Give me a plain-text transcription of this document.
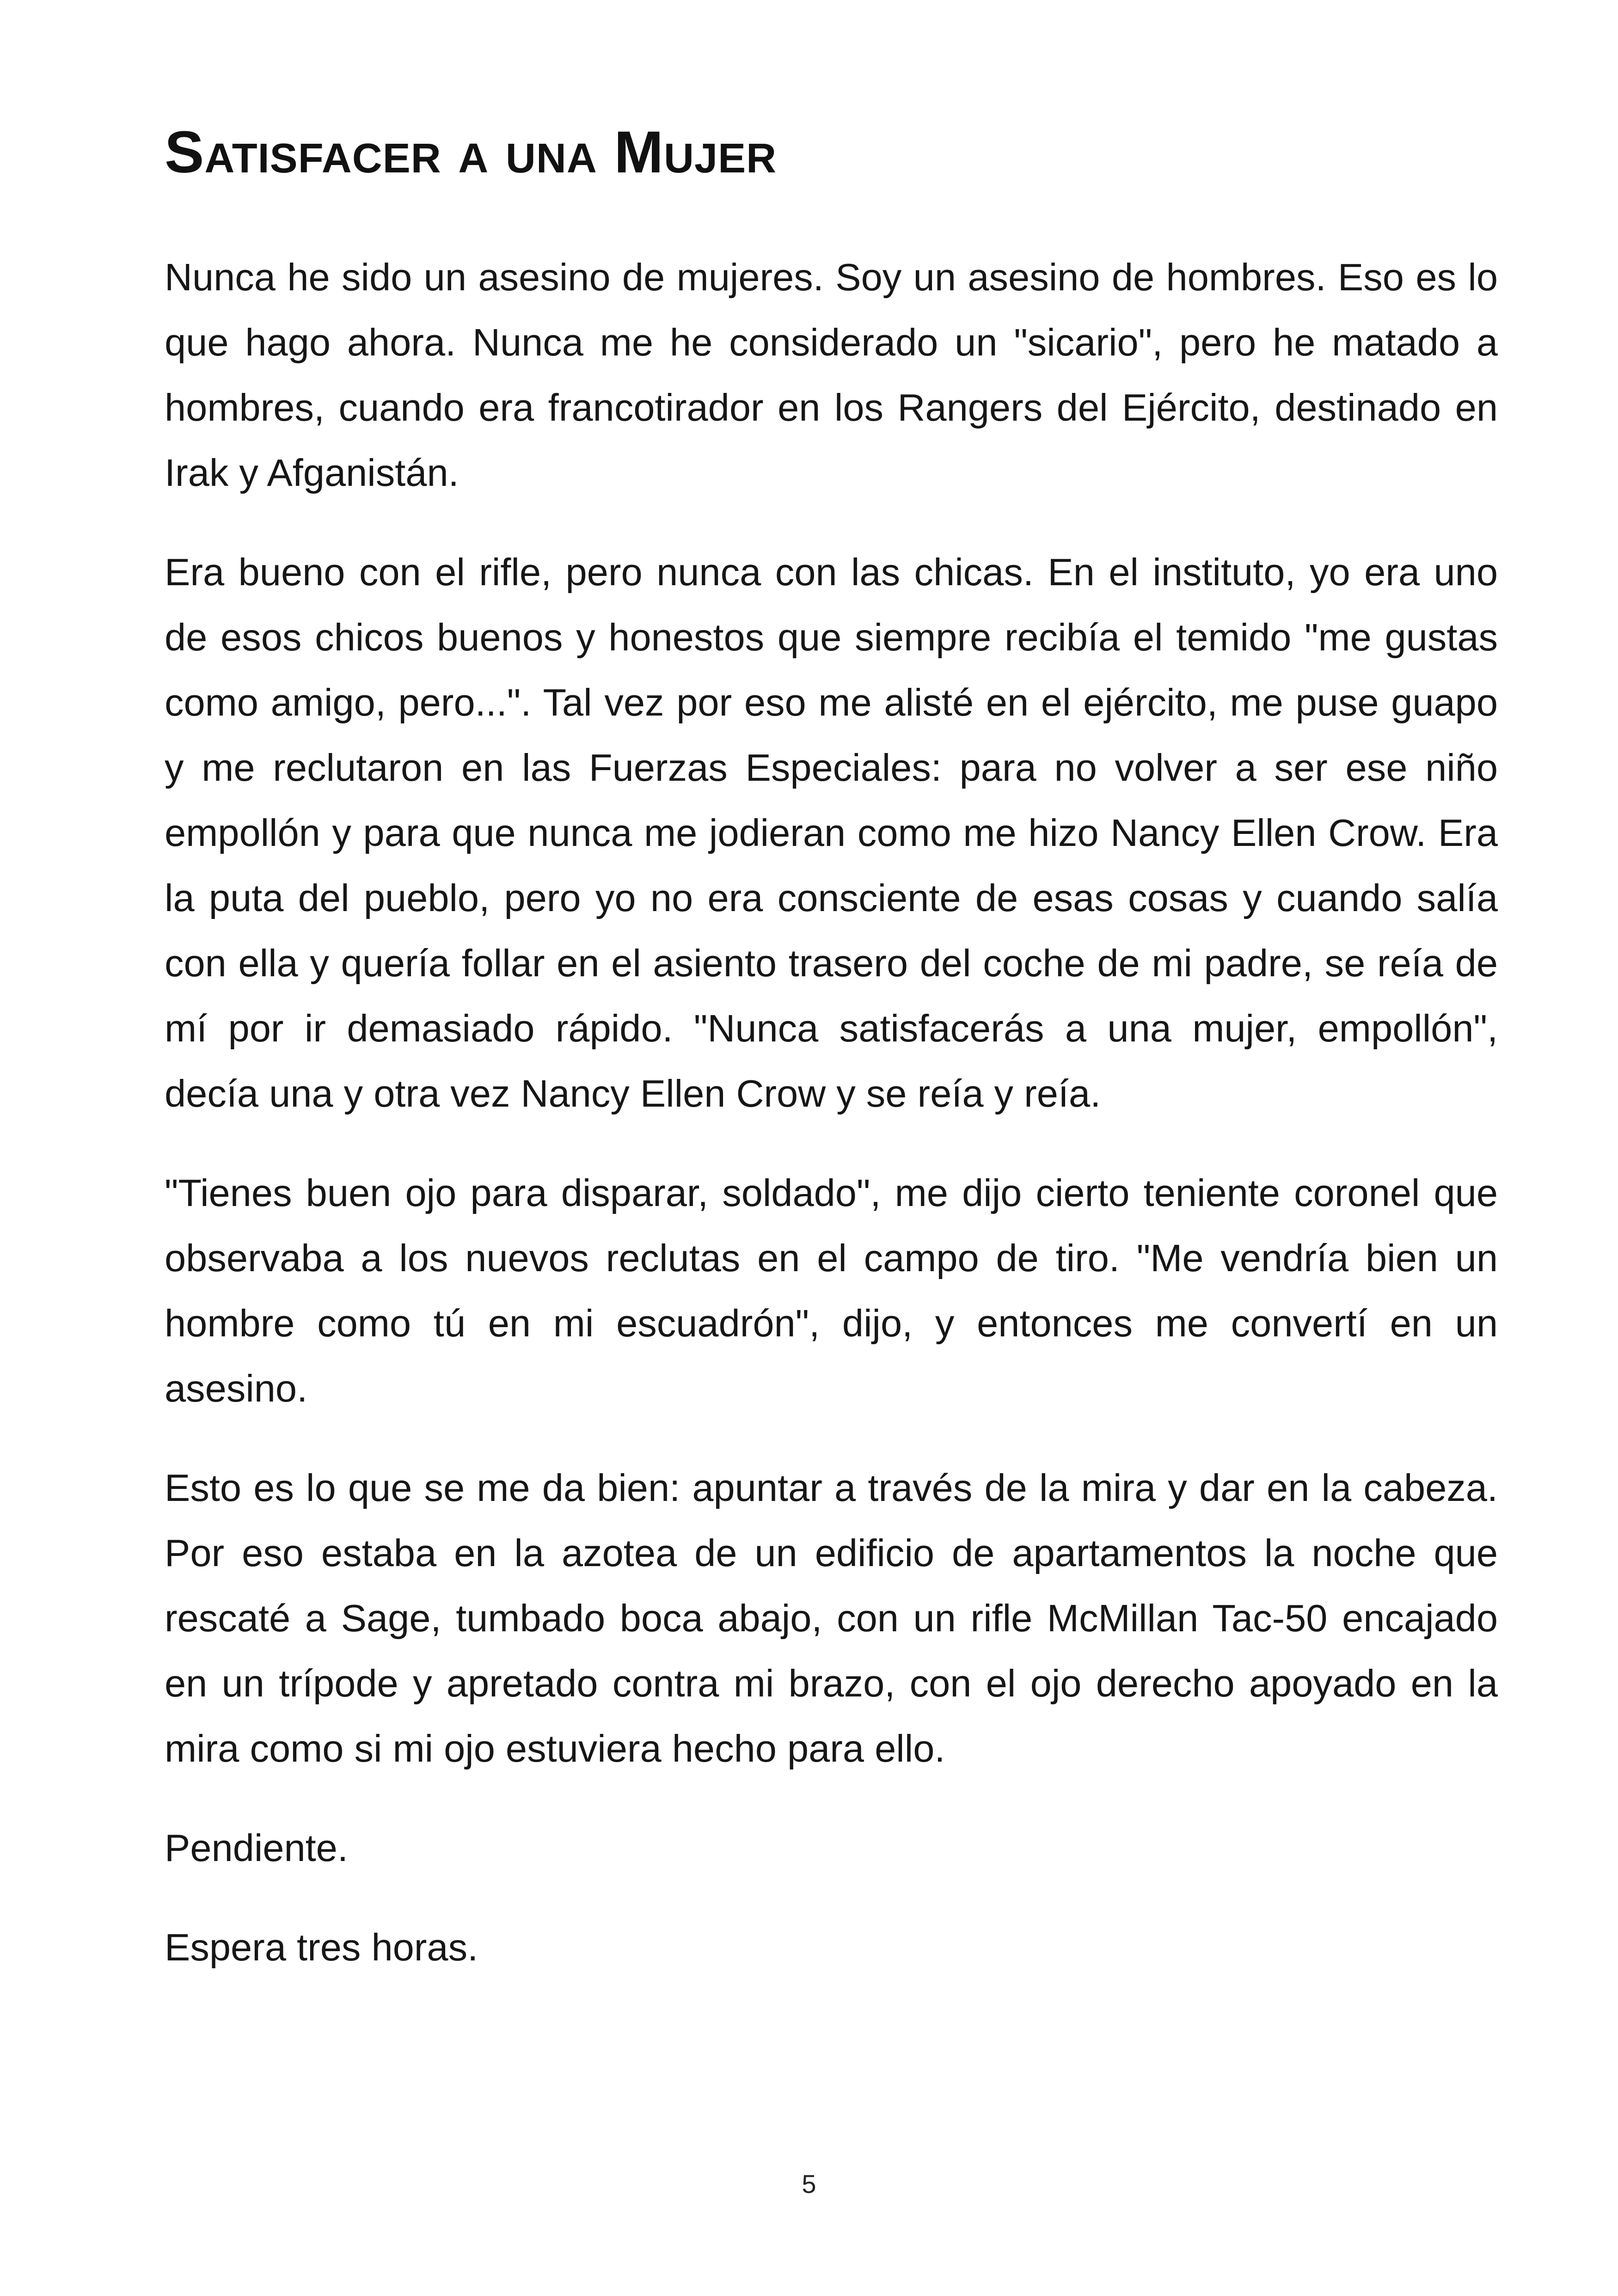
Satisfacer a una Mujer

Nunca he sido un asesino de mujeres. Soy un asesino de hombres. Eso es lo que hago ahora. Nunca me he considerado un "sicario", pero he matado a hombres, cuando era francotirador en los Rangers del Ejército, destinado en Irak y Afganistán.

Era bueno con el rifle, pero nunca con las chicas. En el instituto, yo era uno de esos chicos buenos y honestos que siempre recibía el temido "me gustas como amigo, pero...". Tal vez por eso me alisté en el ejército, me puse guapo y me reclutaron en las Fuerzas Especiales: para no volver a ser ese niño empollón y para que nunca me jodieran como me hizo Nancy Ellen Crow. Era la puta del pueblo, pero yo no era consciente de esas cosas y cuando salía con ella y quería follar en el asiento trasero del coche de mi padre, se reía de mí por ir demasiado rápido. "Nunca satisfacerás a una mujer, empollón", decía una y otra vez Nancy Ellen Crow y se reía y reía.

"Tienes buen ojo para disparar, soldado", me dijo cierto teniente coronel que observaba a los nuevos reclutas en el campo de tiro. "Me vendría bien un hombre como tú en mi escuadrón", dijo, y entonces me convertí en un asesino.

Esto es lo que se me da bien: apuntar a través de la mira y dar en la cabeza. Por eso estaba en la azotea de un edificio de apartamentos la noche que rescaté a Sage, tumbado boca abajo, con un rifle McMillan Tac-50 encajado en un trípode y apretado contra mi brazo, con el ojo derecho apoyado en la mira como si mi ojo estuviera hecho para ello.

Pendiente.

Espera tres horas.

5
